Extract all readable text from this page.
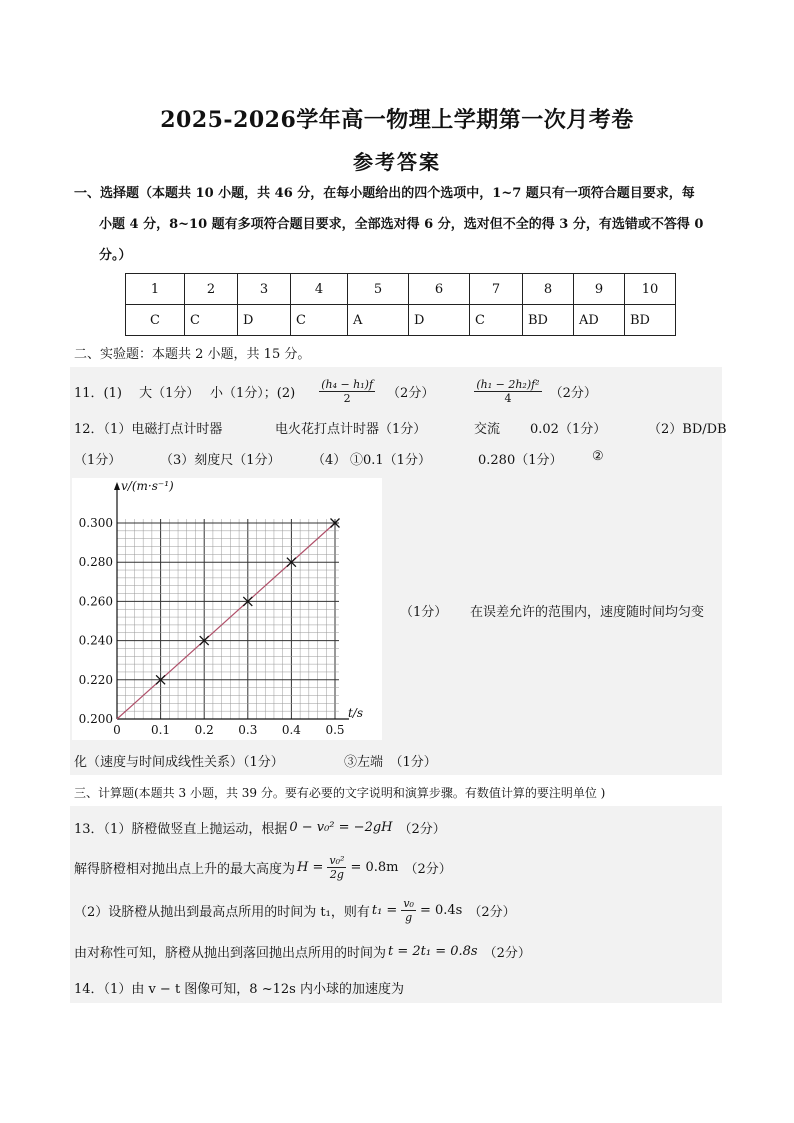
2025-2026学年高一物理上学期第一次月考卷
参考答案
一、选择题（本题共 10 小题，共 46 分，在每小题给出的四个选项中，1~7 题只有一项符合题目要求，每
小题 4 分，8~10 题有多项符合题目要求，全部选对得 6 分，选对但不全的得 3 分，有选错或不答得 0
分。）
1	2	3	4	5	6	7	8	9	10
C	C	D	C	A	D	C	BD	AD	BD
二、实验题：本题共 2 小题，共 15 分。
11．(1)　 大（1分）　 小（1分）；$(2) \frac{\text{(h₄ − h₁)f}}{2} (2$分）	$\frac{\text{(h₁ − 2h₂)f²}}{4} (2$分）
12．（1）电磁打点计时器	电火花打点计时器（1分）	交流 0.02（1分）	（2）BD/DB
（1分）	（3）刻度尺（1分） （4） ①0.1（1分）	0.280（1分） ②
0.200
0.220
0.240
0.260
0.280
0.300
0	0.1 0.2 0.3 0.4 0.5
v/(m·s⁻¹)
t/s
（1分） 在误差允许的范围内，速度随时间均匀变
化（速度与时间成线性关系）（1分）	③左端　（1分）
三、计算题(本题共 3 小题，共 39 分。要有必要的文字说明和演算步骤。有数值计算的要注明单位 )
13．（1）脐橙做竖直上抛运动，根据 0 − v₀² = −2gH （2分）
解得脐橙相对抛出点上升的最大高度为 $H = \frac{\text{v₀²}}{2g} = 0.8m$ （2分）
（2）设脐橙从抛出到最高点所用的时间为 t₁，则有 $t_1 = \frac{\text{v₀}}{g} = 0.4s$ （2分）
由对称性可知，脐橙从抛出到落回抛出点所用的时间为 t = 2t₁ = 0.8s （2分）
14．（1）由 v − t 图像可知，8 ~12s 内小球的加速度为
